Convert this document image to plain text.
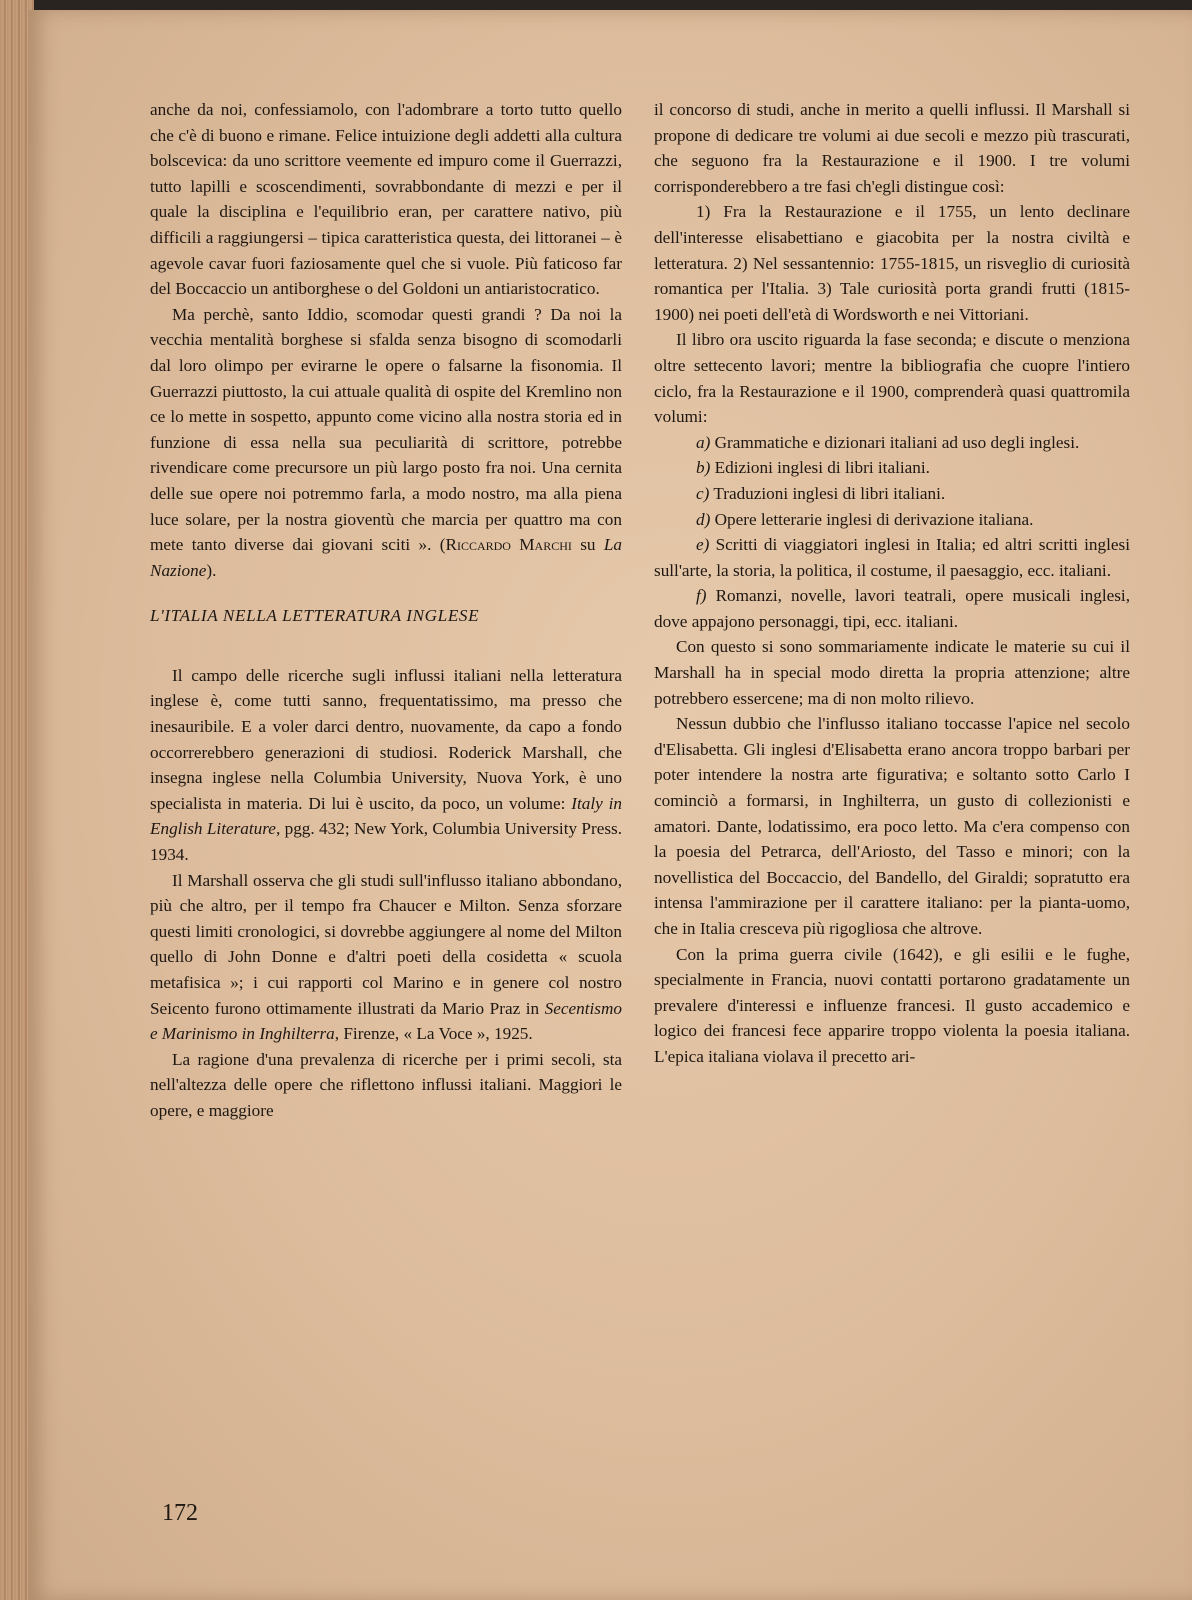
anche da noi, confessiamolo, con l'adombrare a torto tutto quello che c'è di buono e rimane. Felice intuizione degli addetti alla cultura bolscevica: da uno scrittore veemente ed impuro come il Guerrazzi, tutto lapilli e scoscendimenti, sovrabbondante di mezzi e per il quale la disciplina e l'equilibrio eran, per carattere nativo, più difficili a raggiungersi – tipica caratteristica questa, dei littoranei – è agevole cavar fuori faziosamente quel che si vuole. Più faticoso far del Boccaccio un antiborghese o del Goldoni un antiaristocratico.

Ma perchè, santo Iddio, scomodar questi grandi ? Da noi la vecchia mentalità borghese si sfalda senza bisogno di scomodarli dal loro olimpo per evirarne le opere o falsarne la fisonomia. Il Guerrazzi piuttosto, la cui attuale qualità di ospite del Kremlino non ce lo mette in sospetto, appunto come vicino alla nostra storia ed in funzione di essa nella sua peculiarità di scrittore, potrebbe rivendicare come precursore un più largo posto fra noi. Una cernita delle sue opere noi potremmo farla, a modo nostro, ma alla piena luce solare, per la nostra gioventù che marcia per quattro ma con mete tanto diverse dai giovani sciti ». (Riccardo Marchi su La Nazione).

L'ITALIA NELLA LETTERATURA INGLESE

Il campo delle ricerche sugli influssi italiani nella letteratura inglese è, come tutti sanno, frequentatissimo, ma presso che inesauribile. E a voler darci dentro, nuovamente, da capo a fondo occorrerebbero generazioni di studiosi. Roderick Marshall, che insegna inglese nella Columbia University, Nuova York, è uno specialista in materia. Di lui è uscito, da poco, un volume: Italy in English Literature, pgg. 432; New York, Columbia University Press. 1934.

Il Marshall osserva che gli studi sull'influsso italiano abbondano, più che altro, per il tempo fra Chaucer e Milton. Senza sforzare questi limiti cronologici, si dovrebbe aggiungere al nome del Milton quello di John Donne e d'altri poeti della cosidetta « scuola metafisica »; i cui rapporti col Marino e in genere col nostro Seicento furono ottimamente illustrati da Mario Praz in Secentismo e Marinismo in Inghilterra, Firenze, « La Voce », 1925.

La ragione d'una prevalenza di ricerche per i primi secoli, sta nell'altezza delle opere che riflettono influssi italiani. Maggiori le opere, e maggiore

il concorso di studi, anche in merito a quelli influssi. Il Marshall si propone di dedicare tre volumi ai due secoli e mezzo più trascurati, che seguono fra la Restaurazione e il 1900. I tre volumi corrisponderebbero a tre fasi ch'egli distingue così:

1) Fra la Restaurazione e il 1755, un lento declinare dell'interesse elisabettiano e giacobita per la nostra civiltà e letteratura. 2) Nel sessantennio: 1755-1815, un risveglio di curiosità romantica per l'Italia. 3) Tale curiosità porta grandi frutti (1815-1900) nei poeti dell'età di Wordsworth e nei Vittoriani.

Il libro ora uscito riguarda la fase seconda; e discute o menziona oltre settecento lavori; mentre la bibliografia che cuopre l'intiero ciclo, fra la Restaurazione e il 1900, comprenderà quasi quattromila volumi:

a) Grammatiche e dizionari italiani ad uso degli inglesi.

b) Edizioni inglesi di libri italiani.

c) Traduzioni inglesi di libri italiani.

d) Opere letterarie inglesi di derivazione italiana.

e) Scritti di viaggiatori inglesi in Italia; ed altri scritti inglesi sull'arte, la storia, la politica, il costume, il paesaggio, ecc. italiani.

f) Romanzi, novelle, lavori teatrali, opere musicali inglesi, dove appajono personaggi, tipi, ecc. italiani.

Con questo si sono sommariamente indicate le materie su cui il Marshall ha in special modo diretta la propria attenzione; altre potrebbero essercene; ma di non molto rilievo.

Nessun dubbio che l'influsso italiano toccasse l'apice nel secolo d'Elisabetta. Gli inglesi d'Elisabetta erano ancora troppo barbari per poter intendere la nostra arte figurativa; e soltanto sotto Carlo I cominciò a formarsi, in Inghilterra, un gusto di collezionisti e amatori. Dante, lodatissimo, era poco letto. Ma c'era compenso con la poesia del Petrarca, dell'Ariosto, del Tasso e minori; con la novellistica del Boccaccio, del Bandello, del Giraldi; sopratutto era intensa l'ammirazione per il carattere italiano: per la pianta-uomo, che in Italia cresceva più rigogliosa che altrove.

Con la prima guerra civile (1642), e gli esilii e le fughe, specialmente in Francia, nuovi contatti portarono gradatamente un prevalere d'interessi e influenze francesi. Il gusto accademico e logico dei francesi fece apparire troppo violenta la poesia italiana. L'epica italiana violava il precetto ari-

172
